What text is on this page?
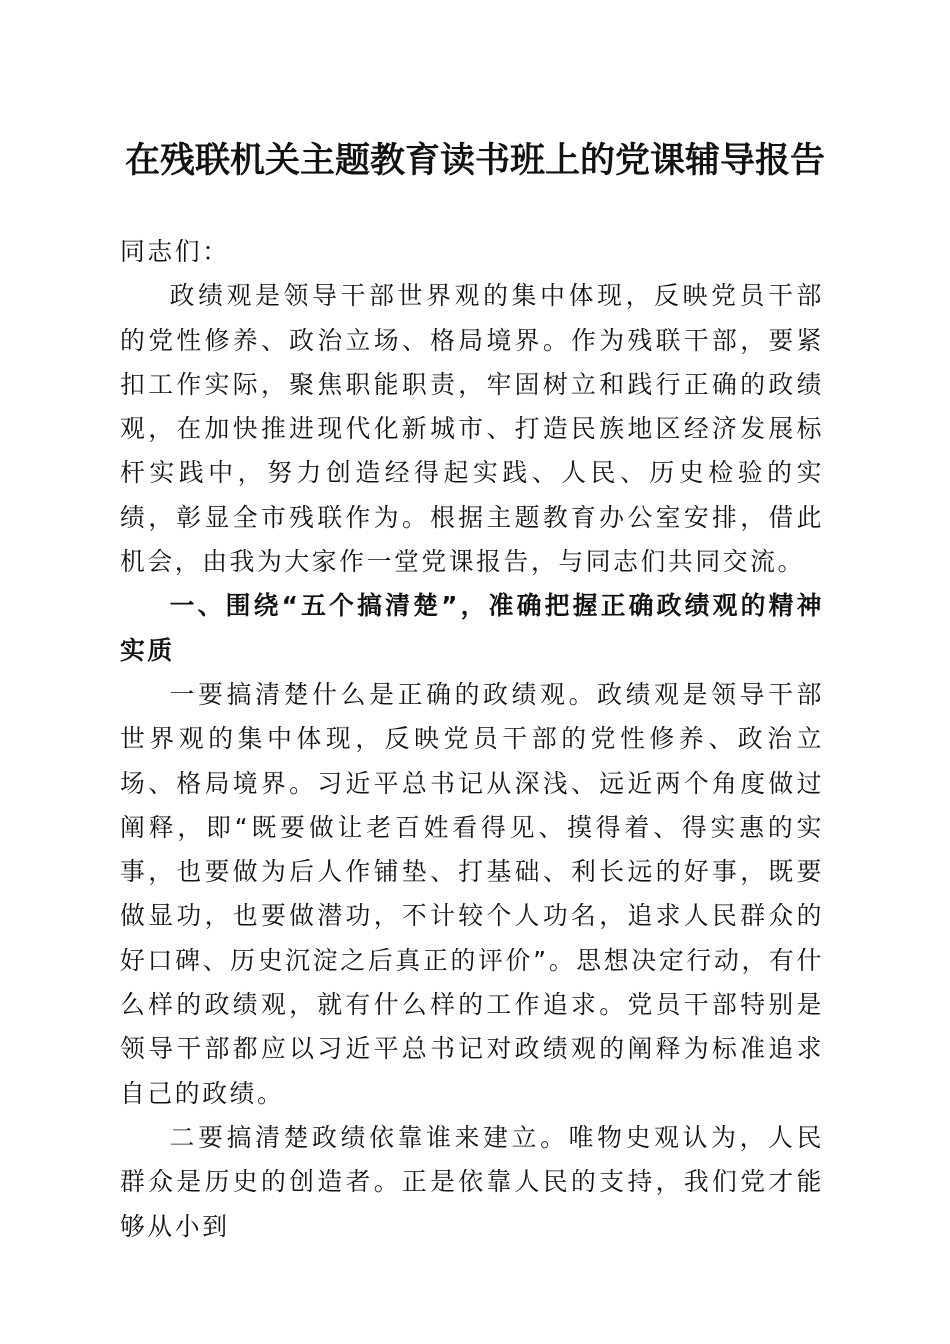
在残联机关主题教育读书班上的党课辅导报告

同志们：

政绩观是领导干部世界观的集中体现，反映党员干部的党性修养、政治立场、格局境界。作为残联干部，要紧扣工作实际，聚焦职能职责，牢固树立和践行正确的政绩观，在加快推进现代化新城市、打造民族地区经济发展标杆实践中，努力创造经得起实践、人民、历史检验的实绩，彰显全市残联作为。根据主题教育办公室安排，借此机会，由我为大家作一堂党课报告，与同志们共同交流。

一、围绕“五个搞清楚”，准确把握正确政绩观的精神实质

一要搞清楚什么是正确的政绩观。政绩观是领导干部世界观的集中体现，反映党员干部的党性修养、政治立场、格局境界。习近平总书记从深浅、远近两个角度做过阐释，即“既要做让老百姓看得见、摸得着、得实惠的实事，也要做为后人作铺垫、打基础、利长远的好事，既要做显功，也要做潜功，不计较个人功名，追求人民群众的好口碑、历史沉淀之后真正的评价”。思想决定行动，有什么样的政绩观，就有什么样的工作追求。党员干部特别是领导干部都应以习近平总书记对政绩观的阐释为标准追求自己的政绩。

二要搞清楚政绩依靠谁来建立。唯物史观认为，人民群众是历史的创造者。正是依靠人民的支持，我们党才能够从小到
